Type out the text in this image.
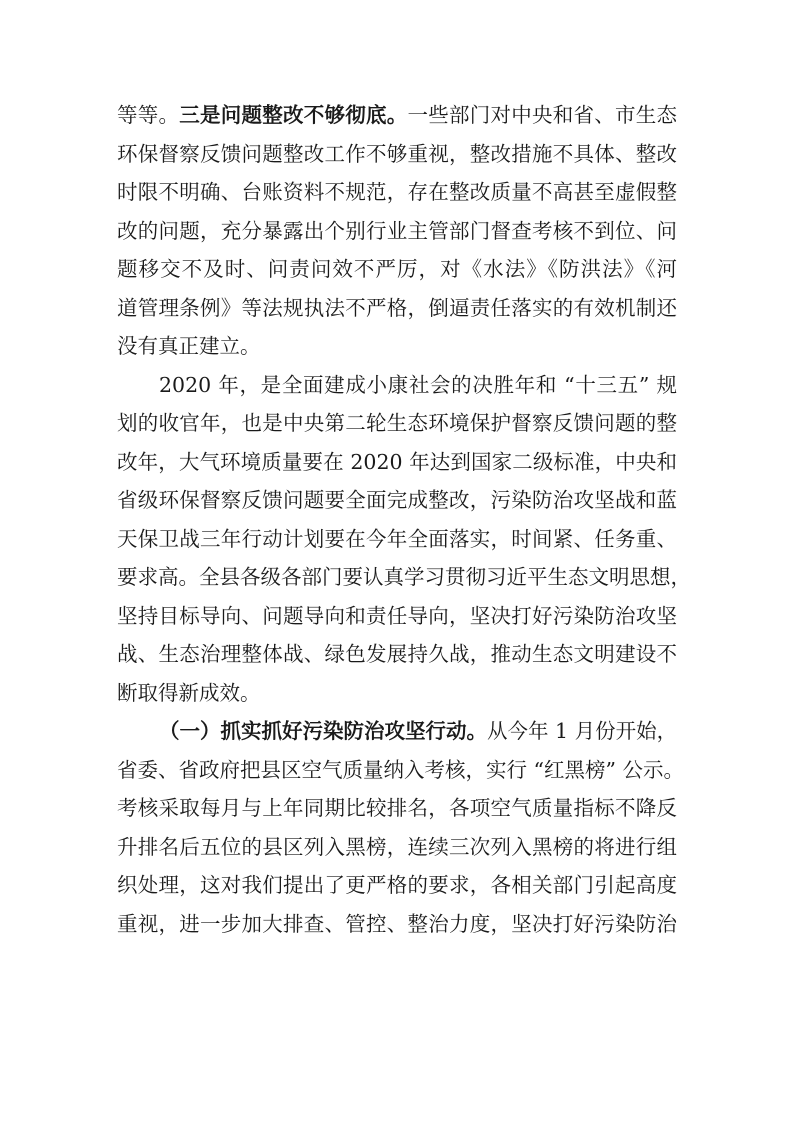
等等。三是问题整改不够彻底。一些部门对中央和省、市生态
环保督察反馈问题整改工作不够重视，整改措施不具体、整改
时限不明确、台账资料不规范，存在整改质量不高甚至虚假整
改的问题，充分暴露出个别行业主管部门督查考核不到位、问
题移交不及时、问责问效不严厉，对《水法》《防洪法》《河
道管理条例》等法规执法不严格，倒逼责任落实的有效机制还
没有真正建立。
2020 年，是全面建成小康社会的决胜年和 “十三五” 规
划的收官年，也是中央第二轮生态环境保护督察反馈问题的整
改年，大气环境质量要在 2020 年达到国家二级标准，中央和
省级环保督察反馈问题要全面完成整改，污染防治攻坚战和蓝
天保卫战三年行动计划要在今年全面落实，时间紧、任务重、
要求高。全县各级各部门要认真学习贯彻习近平生态文明思想，
坚持目标导向、问题导向和责任导向，坚决打好污染防治攻坚
战、生态治理整体战、绿色发展持久战，推动生态文明建设不
断取得新成效。
（一）抓实抓好污染防治攻坚行动。从今年 1 月份开始，
省委、省政府把县区空气质量纳入考核，实行 “红黑榜” 公示。
考核采取每月与上年同期比较排名，各项空气质量指标不降反
升排名后五位的县区列入黑榜，连续三次列入黑榜的将进行组
织处理，这对我们提出了更严格的要求，各相关部门引起高度
重视，进一步加大排查、管控、整治力度，坚决打好污染防治
